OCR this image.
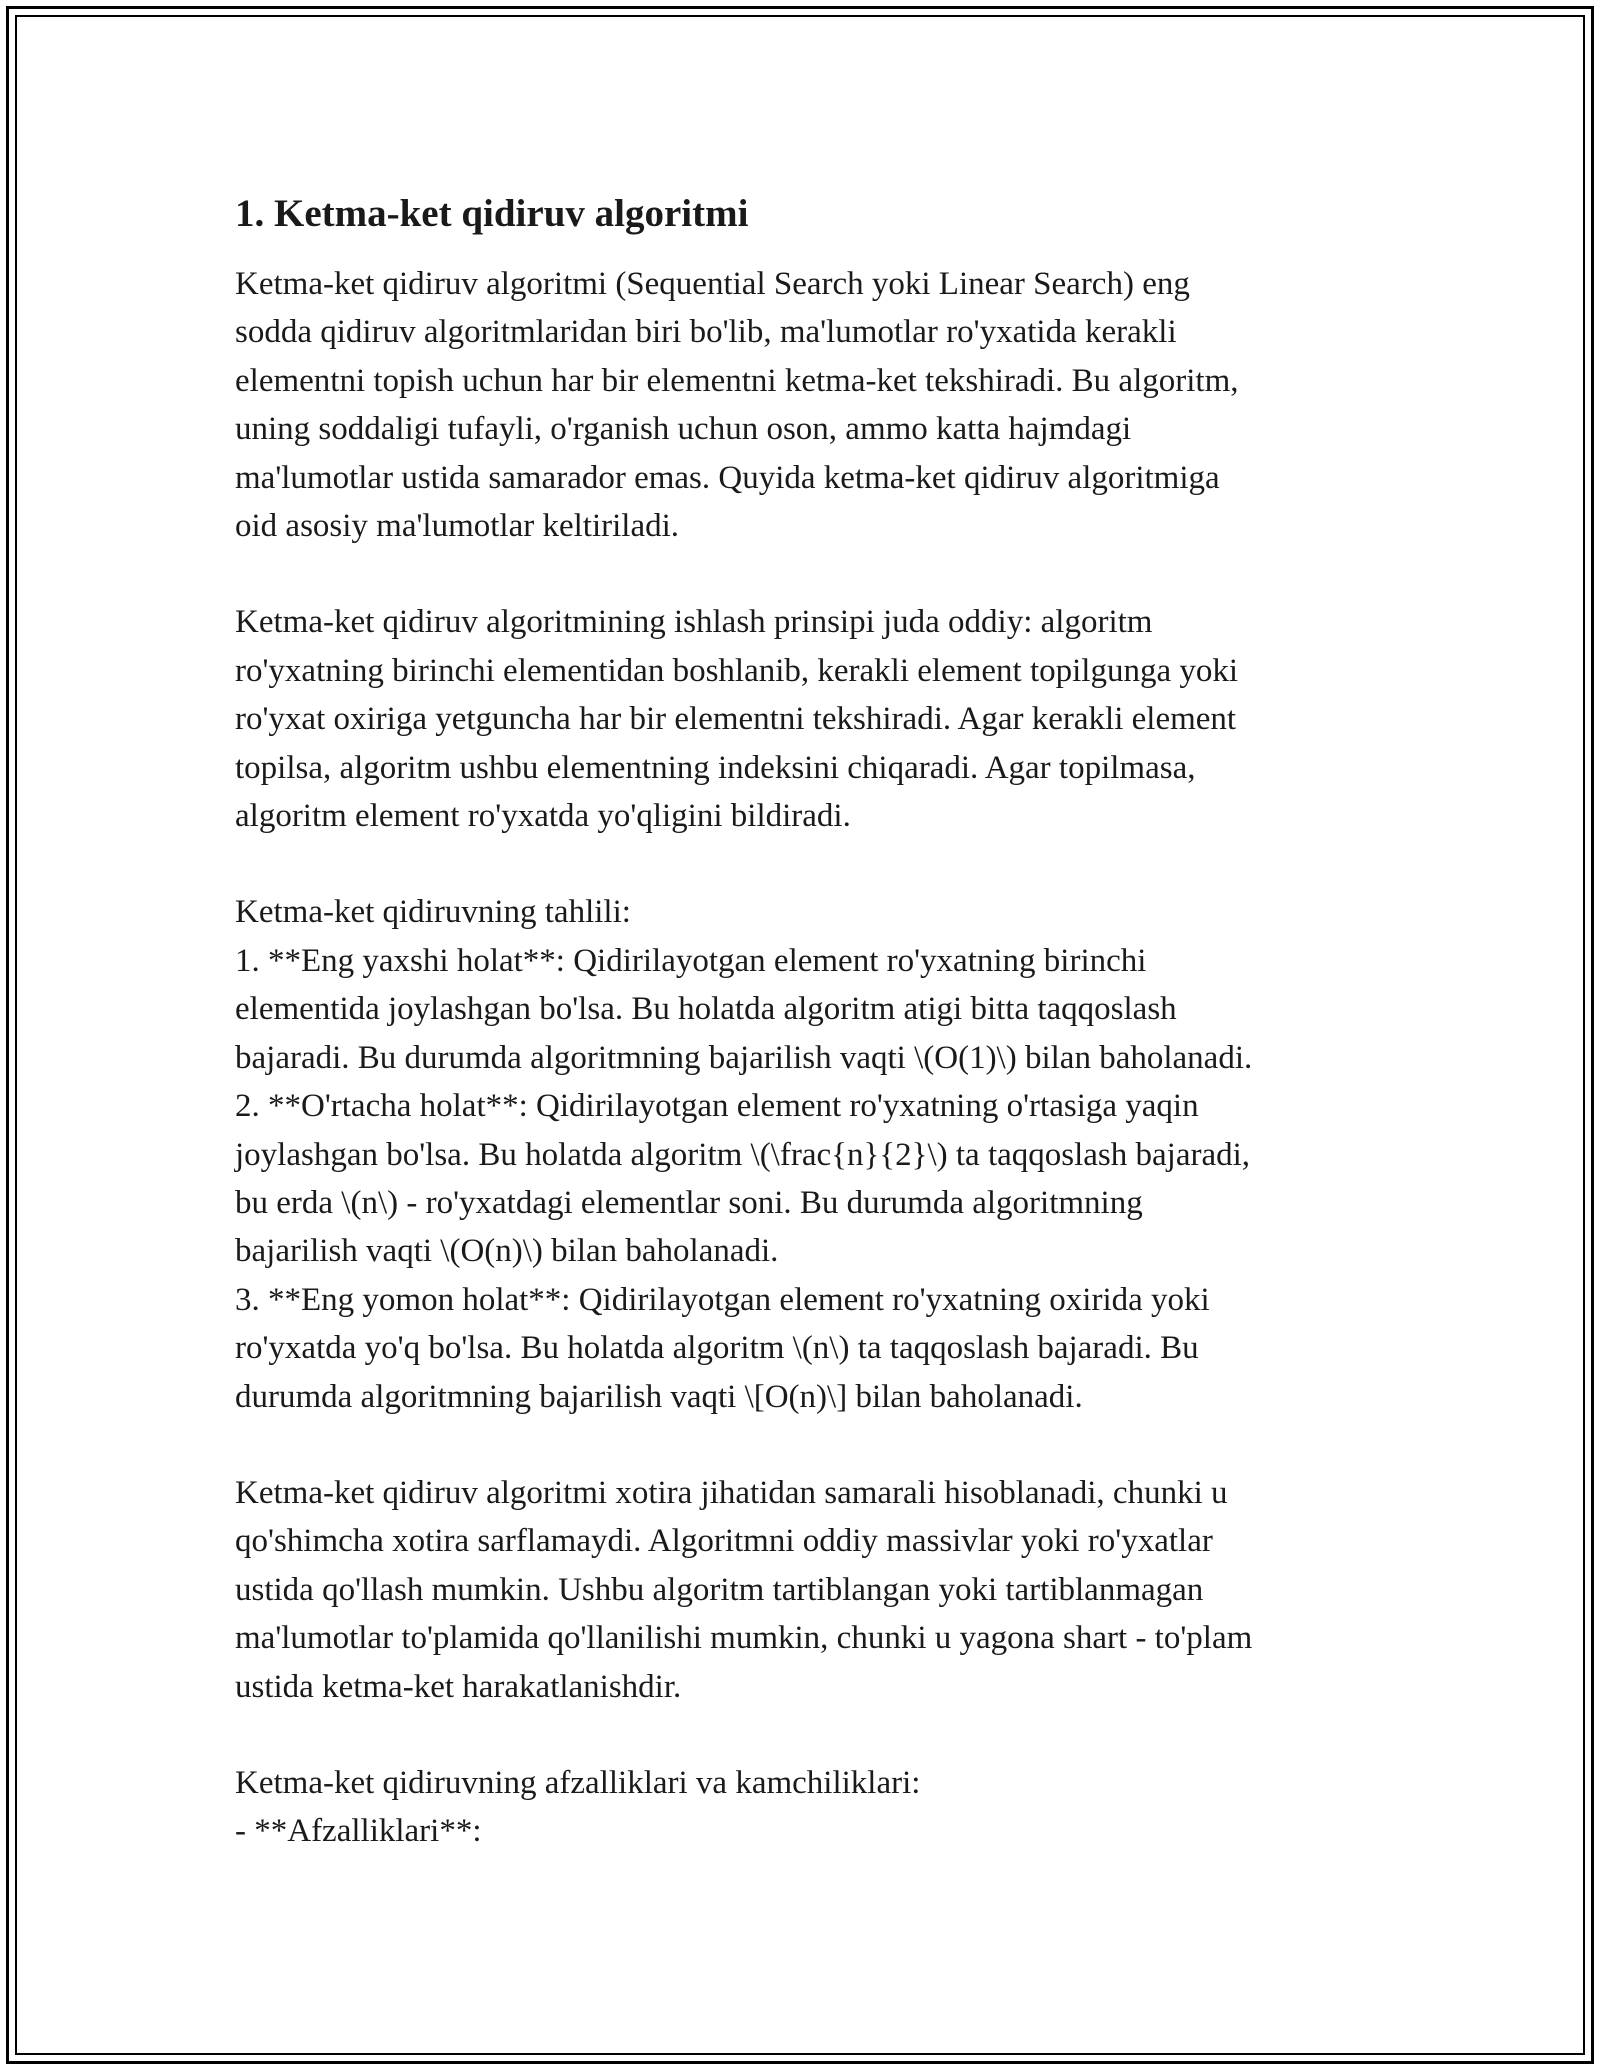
1. Ketma-ket qidiruv algoritmi
Ketma-ket qidiruv algoritmi (Sequential Search yoki Linear Search) eng
sodda qidiruv algoritmlaridan biri bo'lib, ma'lumotlar ro'yxatida kerakli
elementni topish uchun har bir elementni ketma-ket tekshiradi. Bu algoritm,
uning soddaligi tufayli, o'rganish uchun oson, ammo katta hajmdagi
ma'lumotlar ustida samarador emas. Quyida ketma-ket qidiruv algoritmiga
oid asosiy ma'lumotlar keltiriladi.
Ketma-ket qidiruv algoritmining ishlash prinsipi juda oddiy: algoritm
ro'yxatning birinchi elementidan boshlanib, kerakli element topilgunga yoki
ro'yxat oxiriga yetguncha har bir elementni tekshiradi. Agar kerakli element
topilsa, algoritm ushbu elementning indeksini chiqaradi. Agar topilmasa,
algoritm element ro'yxatda yo'qligini bildiradi.
Ketma-ket qidiruvning tahlili:
1. **Eng yaxshi holat**: Qidirilayotgan element ro'yxatning birinchi
elementida joylashgan bo'lsa. Bu holatda algoritm atigi bitta taqqoslash
bajaradi. Bu durumda algoritmning bajarilish vaqti \(O(1)\) bilan baholanadi.
2. **O'rtacha holat**: Qidirilayotgan element ro'yxatning o'rtasiga yaqin
joylashgan bo'lsa. Bu holatda algoritm \(\frac{n}{2}\) ta taqqoslash bajaradi,
bu erda \(n\) - ro'yxatdagi elementlar soni. Bu durumda algoritmning
bajarilish vaqti \(O(n)\) bilan baholanadi.
3. **Eng yomon holat**: Qidirilayotgan element ro'yxatning oxirida yoki
ro'yxatda yo'q bo'lsa. Bu holatda algoritm \(n\) ta taqqoslash bajaradi. Bu
durumda algoritmning bajarilish vaqti \[O(n)\] bilan baholanadi.
Ketma-ket qidiruv algoritmi xotira jihatidan samarali hisoblanadi, chunki u
qo'shimcha xotira sarflamaydi. Algoritmni oddiy massivlar yoki ro'yxatlar
ustida qo'llash mumkin. Ushbu algoritm tartiblangan yoki tartiblanmagan
ma'lumotlar to'plamida qo'llanilishi mumkin, chunki u yagona shart - to'plam
ustida ketma-ket harakatlanishdir.
Ketma-ket qidiruvning afzalliklari va kamchiliklari:
- **Afzalliklari**:
